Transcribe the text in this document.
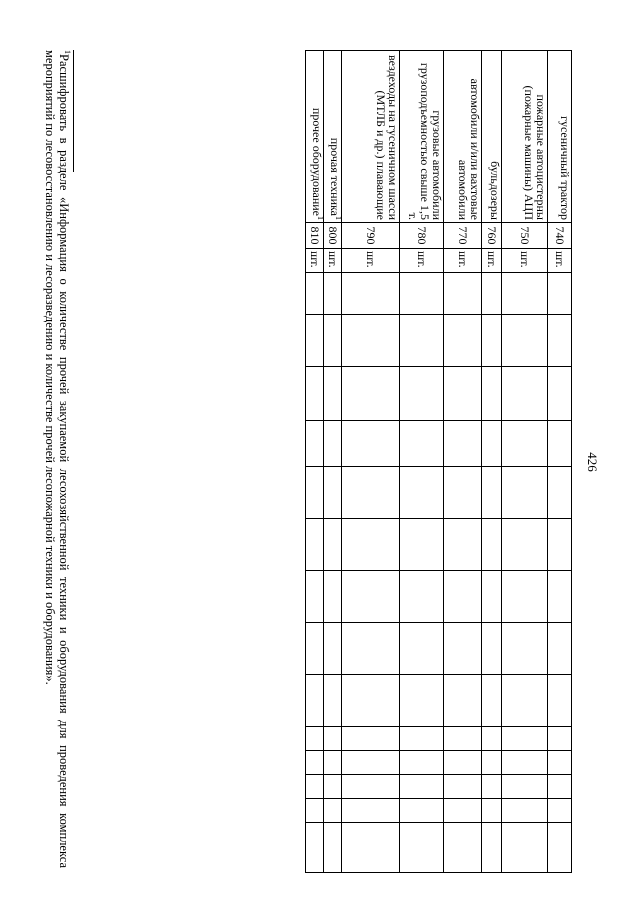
426
гусеничный трактор	740	шт.														
пожарные автоцистерны (пожарные машины) АЦП	750	шт.														
бульдозеры	760	шт.														
автомобили и/или вахтовые автомобили	770	шт.														
грузовые автомобили грузоподъемностью свыше 1,5 т.	780	шт.														
вездеходы на гусеничном шасси (МТЛБ и др.) плавающие	790	шт.														
прочая техника$^1$	800	шт.														
прочее оборудование$^1$	810	шт.														
$^1$Расшифровать в разделе «Информация о количестве прочей закупаемой лесохозяйственной техники и оборудования для проведения комплекса мероприятий по лесовосстановлению и лесоразведению и количестве прочей лесопожарной техники и оборудования».
